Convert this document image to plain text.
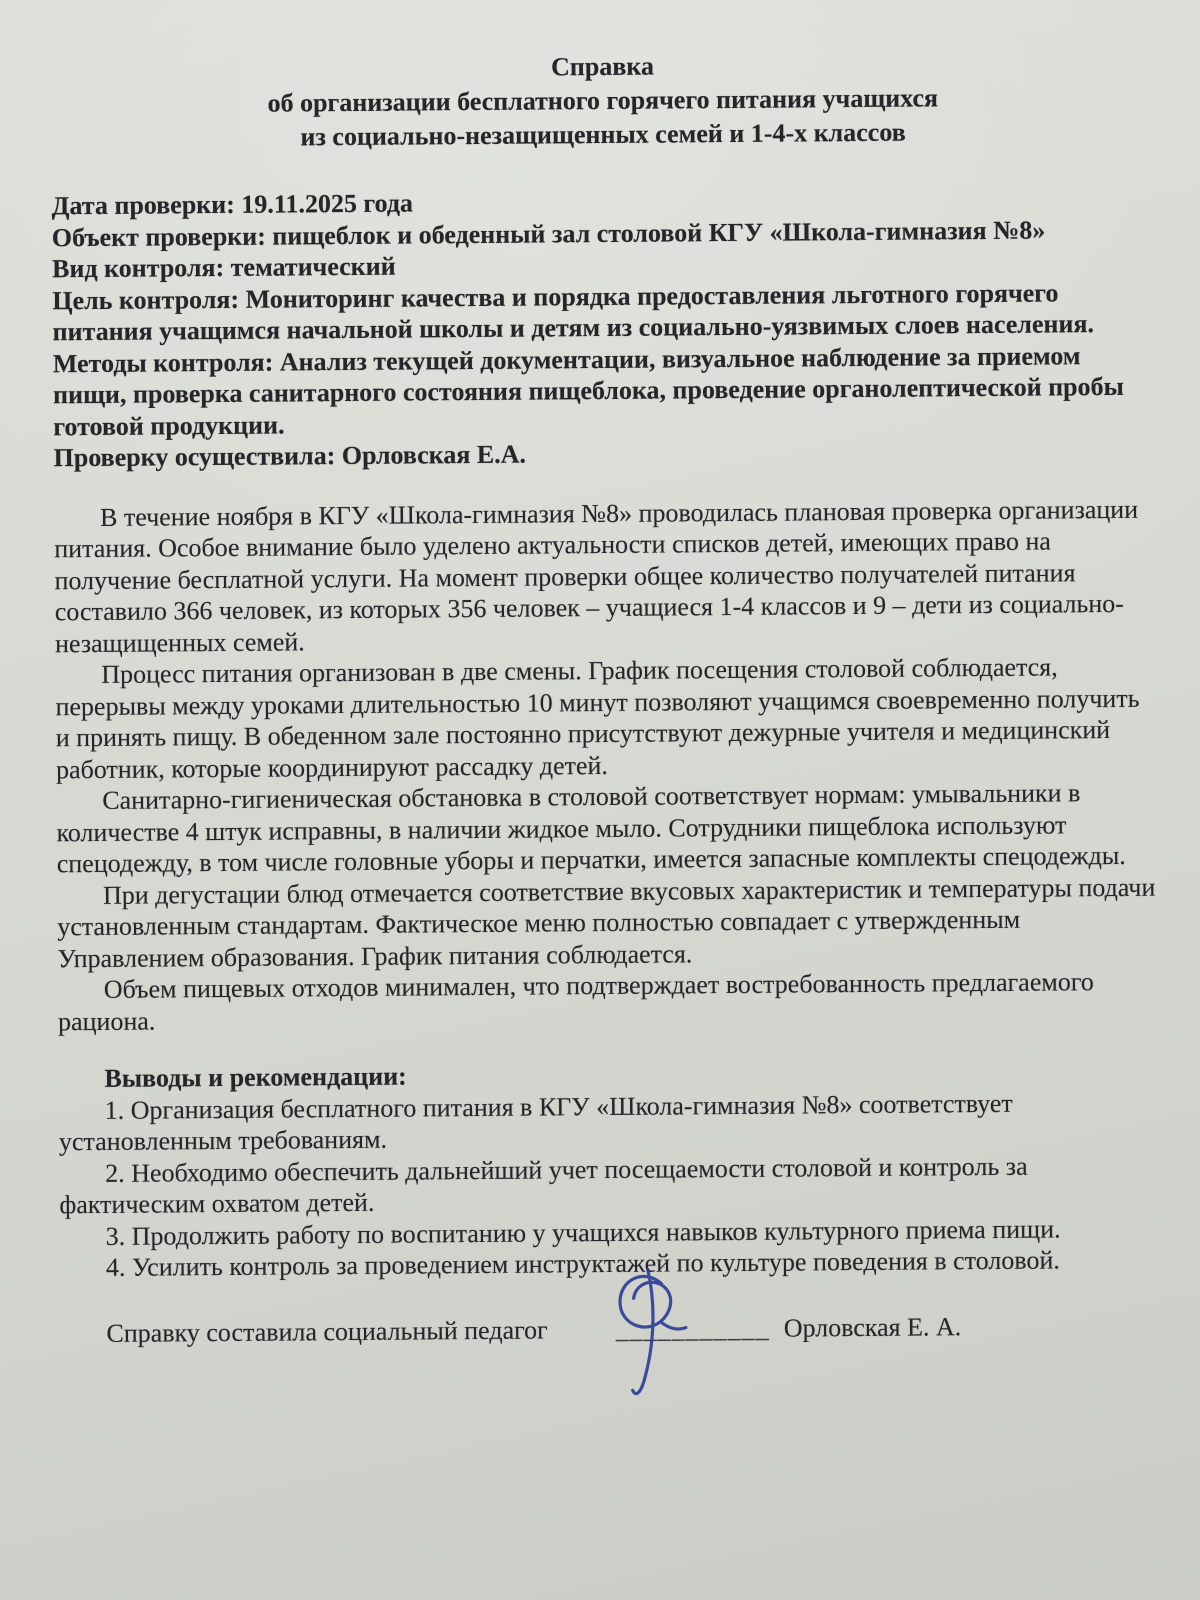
Справка

об организации бесплатного горячего питания учащихся

из социально-незащищенных семей и 1-4-х классов

Дата проверки: 19.11.2025 года

Объект проверки: пищеблок и обеденный зал столовой КГУ «Школа-гимназия №8»

Вид контроля: тематический

Цель контроля: Мониторинг качества и порядка предоставления льготного горячего питания учащимся начальной школы и детям из социально-уязвимых слоев населения.

Методы контроля: Анализ текущей документации, визуальное наблюдение за приемом пищи, проверка санитарного состояния пищеблока, проведение органолептической пробы готовой продукции.

Проверку осуществила: Орловская Е.А.

В течение ноября в КГУ «Школа-гимназия №8» проводилась плановая проверка организации питания. Особое внимание было уделено актуальности списков детей, имеющих право на получение бесплатной услуги. На момент проверки общее количество получателей питания составило 366 человек, из которых 356 человек – учащиеся 1-4 классов и 9 – дети из социально-незащищенных семей.

Процесс питания организован в две смены. График посещения столовой соблюдается, перерывы между уроками длительностью 10 минут позволяют учащимся своевременно получить и принять пищу. В обеденном зале постоянно присутствуют дежурные учителя и медицинский работник, которые координируют рассадку детей.

Санитарно-гигиеническая обстановка в столовой соответствует нормам: умывальники в количестве 4 штук исправны, в наличии жидкое мыло. Сотрудники пищеблока используют спецодежду, в том числе головные уборы и перчатки, имеется запасные комплекты спецодежды.

При дегустации блюд отмечается соответствие вкусовых характеристик и температуры подачи установленным стандартам. Фактическое меню полностью совпадает с утвержденным Управлением образования. График питания соблюдается.

Объем пищевых отходов минимален, что подтверждает востребованность предлагаемого рациона.

Выводы и рекомендации:

1. Организация бесплатного питания в КГУ «Школа-гимназия №8» соответствует установленным требованиям.

2. Необходимо обеспечить дальнейший учет посещаемости столовой и контроль за фактическим охватом детей.

3. Продолжить работу по воспитанию у учащихся навыков культурного приема пищи.

4. Усилить контроль за проведением инструктажей по культуре поведения в столовой.

Справку составила социальный педагог	___________ Орловская Е. А.
